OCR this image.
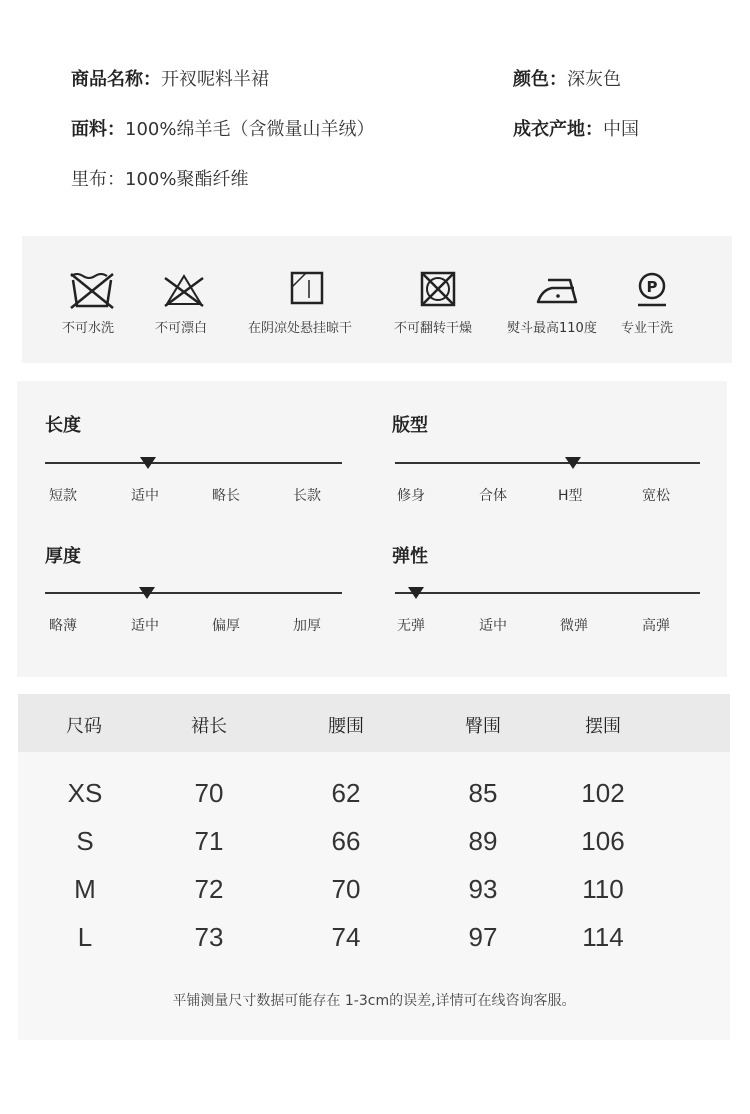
商品名称：开衩呢料半裙	颜色：深灰色
面料：100%绵羊毛（含微量山羊绒）	成衣产地：中国
里布：100%聚酯纤维
不可水洗	不可漂白	在阴凉处悬挂晾干	不可翻转干燥	熨斗最高110度
P
专业干洗
长度
短款	适中	略长	长款
版型
修身	合体	H型	宽松
厚度
略薄	适中	偏厚	加厚
弹性
无弹	适中	微弹	高弹
尺码	裙长	腰围	臀围	摆围
XS	70	62	85	102
S	71	66	89	106
M	72	70	93	110
L	73	74	97	114
平铺测量尺寸数据可能存在 1-3cm的误差,详情可在线咨询客服。
